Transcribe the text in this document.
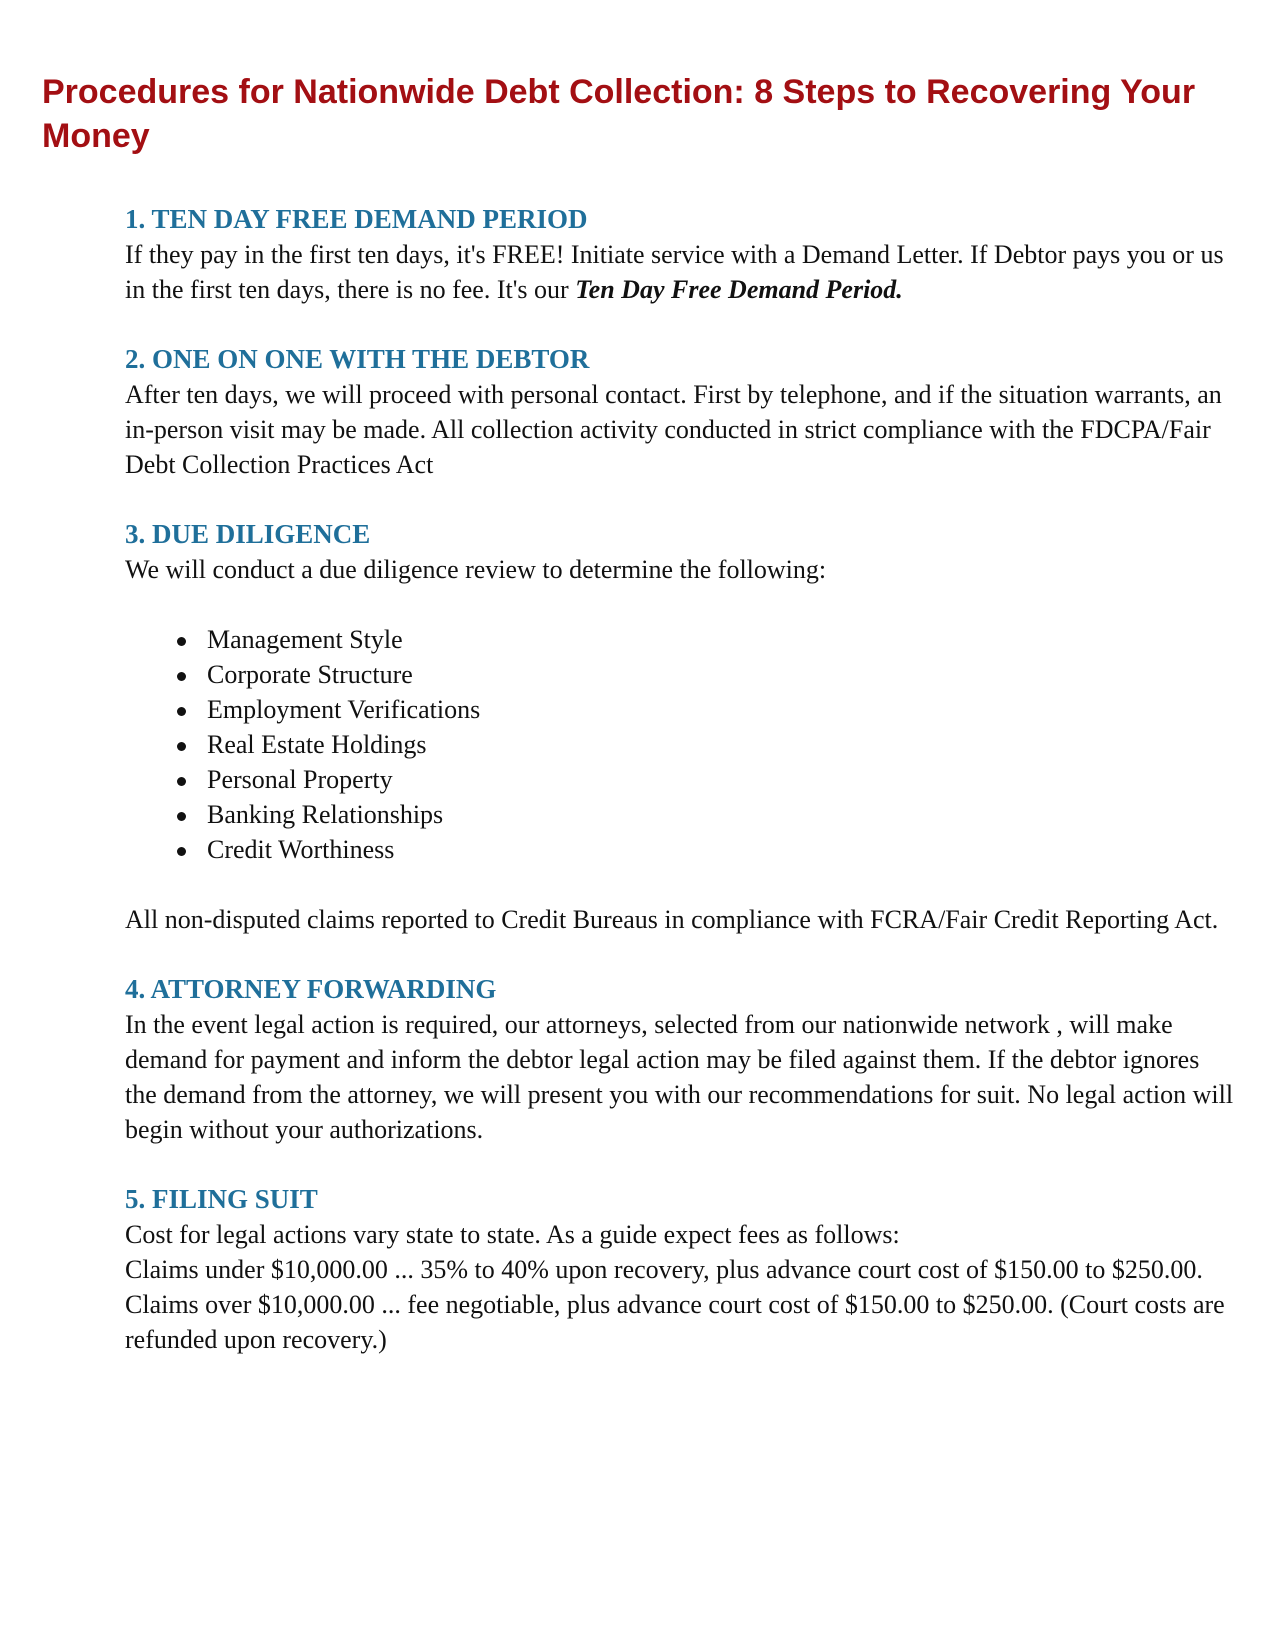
Procedures for Nationwide Debt Collection: 8 Steps to Recovering Your Money
1. TEN DAY FREE DEMAND PERIOD

If they pay in the first ten days, it's FREE! Initiate service with a Demand Letter. If Debtor pays you or us in the first ten days, there is no fee. It's our Ten Day Free Demand Period.

2. ONE ON ONE WITH THE DEBTOR

After ten days, we will proceed with personal contact. First by telephone, and if the situation warrants, an in-person visit may be made. All collection activity conducted in strict compliance with the FDCPA/Fair Debt Collection Practices Act

3. DUE DILIGENCE

We will conduct a due diligence review to determine the following:

Management Style
Corporate Structure
Employment Verifications
Real Estate Holdings
Personal Property
Banking Relationships
Credit Worthiness

All non-disputed claims reported to Credit Bureaus in compliance with FCRA/Fair Credit Reporting Act.

4. ATTORNEY FORWARDING

In the event legal action is required, our attorneys, selected from our nationwide network , will make demand for payment and inform the debtor legal action may be filed against them. If the debtor ignores the demand from the attorney, we will present you with our recommendations for suit. No legal action will begin without your authorizations.

5. FILING SUIT

Cost for legal actions vary state to state. As a guide expect fees as follows:

Claims under $10,000.00 ... 35% to 40% upon recovery, plus advance court cost of $150.00 to $250.00.

Claims over $10,000.00 ... fee negotiable, plus advance court cost of $150.00 to $250.00. (Court costs are refunded upon recovery.)
